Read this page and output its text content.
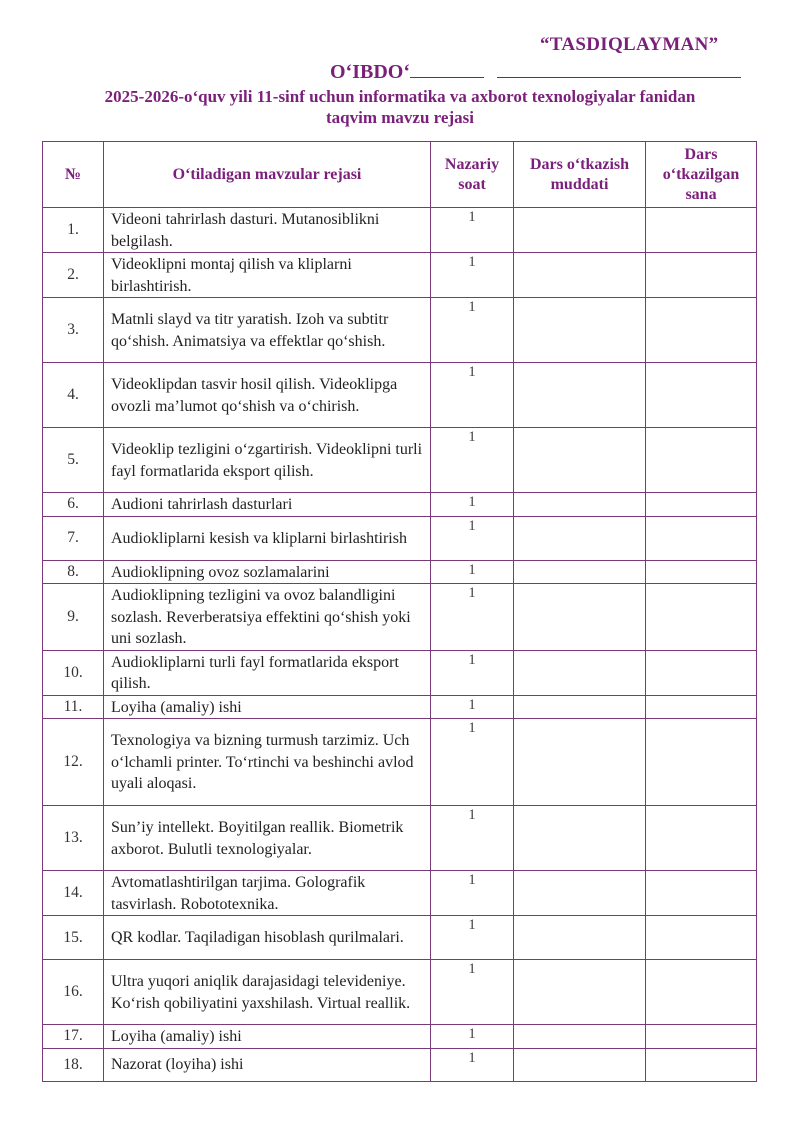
“TASDIQLAYMAN”
O‘IBDO‘
2025-2026-o‘quv yili 11-sinf uchun informatika va axborot texnologiyalar fanidan
taqvim mavzu rejasi
№	O‘tiladigan mavzular rejasi	Nazariy soat	Dars o‘tkazish muddati	Dars o‘tkazilgan sana
1.	Videoni tahrirlash dasturi. Mutanosiblikni belgilash.	1		
2.	Videoklipni montaj qilish va kliplarni birlashtirish.	1		
3.	Matnli slayd va titr yaratish. Izoh va subtitr qo‘shish. Animatsiya va effektlar qo‘shish.	1		
4.	Videoklipdan tasvir hosil qilish. Videoklipga ovozli ma’lumot qo‘shish va o‘chirish.	1		
5.	Videoklip tezligini o‘zgartirish. Videoklipni turli fayl formatlarida eksport qilish.	1		
6.	Audioni tahrirlash dasturlari	1		
7.	Audiokliplarni kesish va kliplarni birlashtirish	1		
8.	Audioklipning ovoz sozlamalarini	1		
9.	Audioklipning tezligini va ovoz balandligini sozlash. Reverberatsiya effektini qo‘shish yoki uni sozlash.	1		
10.	Audiokliplarni turli fayl formatlarida eksport qilish.	1		
11.	Loyiha (amaliy) ishi	1		
12.	Texnologiya va bizning turmush tarzimiz. Uch o‘lchamli printer. To‘rtinchi va beshinchi avlod uyali aloqasi.	1		
13.	Sun’iy intellekt. Boyitilgan reallik. Biometrik axborot. Bulutli texnologiyalar.	1		
14.	Avtomatlashtirilgan tarjima. Golografik tasvirlash. Robototexnika.	1		
15.	QR kodlar. Taqiladigan hisoblash qurilmalari.	1		
16.	Ultra yuqori aniqlik darajasidagi televideniye. Ko‘rish qobiliyatini yaxshilash. Virtual reallik.	1		
17.	Loyiha (amaliy) ishi	1		
18.	Nazorat (loyiha) ishi	1		
